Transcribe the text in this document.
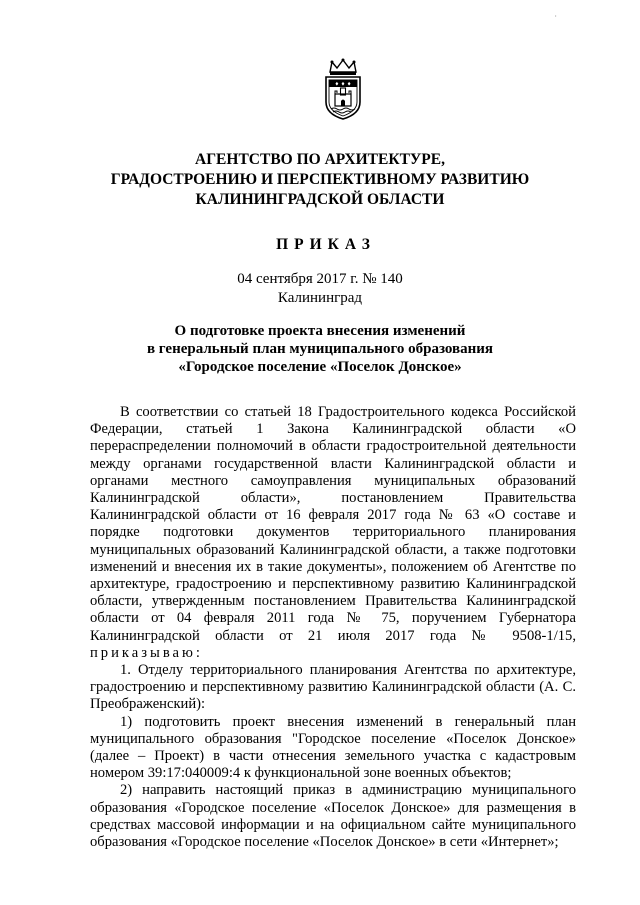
·
♦ ♦ ♦
АГЕНТСТВО ПО АРХИТЕКТУРЕ,
ГРАДОСТРОЕНИЮ И ПЕРСПЕКТИВНОМУ РАЗВИТИЮ
КАЛИНИНГРАДСКОЙ ОБЛАСТИ
ПРИКАЗ
04 сентября 2017 г. № 140
Калининград
О подготовке проекта внесения изменений
в генеральный план муниципального образования
«Городское поселение «Поселок Донское»

В соответствии со статьей 18 Градостроительного кодекса Российской Федерации, статьей 1 Закона Калининградской области «О перераспределении полномочий в области градостроительной деятельности между органами государственной власти Калининградской области и органами местного самоуправления муниципальных образований Калининградской области», постановлением Правительства Калининградской области от 16 февраля 2017 года № 63 «О составе и порядке подготовки документов территориального планирования муниципальных образований Калининградской области, а также подготовки изменений и внесения их в такие документы», положением об Агентстве по архитектуре, градостроению и перспективному развитию Калининградской области, утвержденным постановлением Правительства Калининградской области от 04 февраля 2011 года № 75, поручением Губернатора Калининградской области от 21 июля 2017 года № 9508-1/15, приказываю:

1. Отделу территориального планирования Агентства по архитектуре, градостроению и перспективному развитию Калининградской области (А. С. Преображенский):

1) подготовить проект внесения изменений в генеральный план муниципального образования "Городское поселение «Поселок Донское» (далее – Проект) в части отнесения земельного участка с кадастровым номером 39:17:040009:4 к функциональной зоне военных объектов;

2) направить настоящий приказ в администрацию муниципального образования «Городское поселение «Поселок Донское» для размещения в средствах массовой информации и на официальном сайте муниципального образования «Городское поселение «Поселок Донское» в сети «Интернет»;
